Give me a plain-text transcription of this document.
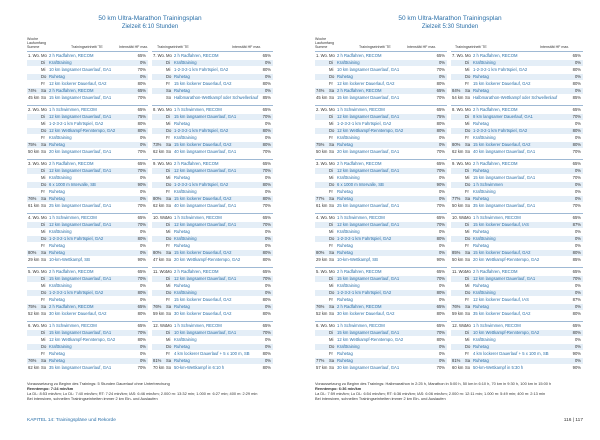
50 km Ultra-Marathon Trainingsplan
Zielzeit 6:10 Stunden
Woche
Laufumfang
Summe	Trainingseinheit/ TE	Intensität HF max. Trainingseinheit/ TE	Intensität HF max.
Voraussetzung zu Beginn des Trainings: 5 Stunden Dauerlauf ohne Unterbrechung
Renntempo: 7:24 min/km
La DL: 8:53 min/km; Lo DL: 7:40 min/km; RT: 7:24 min/km; IAS: 6:46 min/km; 2.000 m: 13:32 min; 1.000 m: 6:27 min; 400 m: 2:29 min
Bei intensiven, schnellen Trainingseinheiten immer 2 km Ein- und Auslaufen
KAPITEL 14: Trainingspläne und Rekorde
1. Wo. Mo 2 h Radfahren, RECOM	65%
Di Krafttraining	0%
Mi 10 km langsamer Dauerlauf, GA1	70%
Do Ruhetag	0%
Fr 12 km lockerer Dauerlauf, GA2	80%
74% Sa 2 h Radfahren, RECOM	65%
45 km So 15 km langsamer Dauerlauf, GA1	70%
7. Wo. Mo 2 h Radfahren, RECOM	65%
Di Krafttraining	0%
Mi 1-2-3-2-1 km Fahrtspiel, GA2	80%
Do Ruhetag	0%
Fr 15 km lockerer Dauerlauf, GA2	80%
Sa Ruhetag	0%
So Halbmarathon-Wettkampf oder Schwellenlauf 85%
2. Wo. Mo 1 h Schwimmen, RECOM	65%
Di 12 km langsamer Dauerlauf, GA1	75%
Mi 1-2-3-2-1 km Fahrtspiel, GA2	80%
Do 12 km Wettkampf-Renntempo, GA2	80%
Fr Krafttraining	0%
75% Sa Ruhetag	0%
50 km So 20 km langsamer Dauerlauf, GA1	70%
8. Wo. Mo 1 h Schwimmen, RECOM	65%
Di 15 km langsamer Dauerlauf, GA1	70%
Mi Ruhetag	0%
Do 1-2-3-2-1 km Fahrtspiel, GA2	80%
Fr Krafttraining	0%
73% Sa 15 km lockerer Dauerlauf, GA2	80%
62 km So 40 km langsamer Dauerlauf, GA1	70%
3. Wo. Mo 2 h Radfahren, RECOM	65%
Di 12 km langsamer Dauerlauf, GA1	70%
Mi Krafttraining	0%
Do 6 x 1000 m Intervalle, SB	90%
Fr Ruhetag	0%
76% Sa Ruhetag	0%
61 km So 25 km langsamer Dauerlauf, GA1	70%
9. Wo. Mo 2 h Radfahren, RECOM	65%
Di 12 km langsamer Dauerlauf, GA1	70%
Mi Ruhetag	0%
Do 1-2-3-2-1 km Fahrtspiel, GA2	80%
Fr Krafttraining	0%
80% Sa 15 km lockerer Dauerlauf, GA2	80%
62 km So 40 km langsamer Dauerlauf, GA1	70%
4. Wo. Mo 1 h Schwimmen, RECOM	65%
Di 12 km langsamer Dauerlauf, GA1	70%
Mi Krafttraining	0%
Do 1-2-3-2-1 km Fahrtspiel, GA2	80%
Fr Ruhetag	0%
80% Sa Ruhetag	0%
29 km So 10-km-Wettkampf, SB	90%
10. Wo.
Mo 1 h Schwimmen, RECOM	65%
Di 12 km langsamer Dauerlauf, GA1	70%
Mi Ruhetag	0%
Do Krafttraining	0%
Fr Ruhetag	0%
80% Sa 15 km lockerer Dauerlauf, GA2	80%
47 km So 20 km Wettkampf-Renntempo, GA2	80%
5. Wo. Mo 2 h Radfahren, RECOM	65%
Di 15 km langsamer Dauerlauf, GA1	70%
Mi Krafttraining	0%
Do 1-2-3-2-1 km Fahrtspiel, GA2	80%
Fr Ruhetag	0%
75% Sa 2 h Radfahren, RECOM	65%
52 km So 30 km lockerer Dauerlauf, GA2	80%
11. Wo.
Mo 2 h Radfahren, RECOM	65%
Di 12 km langsamer Dauerlauf, GA1	70%
Mi Ruhetag	0%
Do Krafttraining	0%
Fr 15 km lockerer Dauerlauf, GA2	80%
76% Sa Ruhetag	0%
59 km So 30 km lockerer Dauerlauf, GA2	80%
6. Wo. Mo 1 h Schwimmen, RECOM	65%
Di 15 km langsamer Dauerlauf, GA1	70%
Mi 12 km Wettkampf-Renntempo, GA2	80%
Do Krafttraining	0%
Fr Ruhetag	0%
76% Sa Ruhetag	0%
62 km So 35 km langsamer Dauerlauf, GA1	70%
12. Wo.
Mo 1 h Schwimmen, RECOM	65%
Di 10 km langsamer Dauerlauf, GA1	70%
Mi Krafttraining	0%
Do Ruhetag	0%
Fr 4 km lockerer Dauerlauf + 5 x 100 m, SB	80%
81% Sa Ruhetag	0%
70 km So 50-km-Wettkampf in 6:10 h	80%
50 km Ultra-Marathon Trainingsplan
Zielzeit 5:30 Stunden
Woche
Laufumfang
Summe	Trainingseinheit/ TE	Intensität HF max.	Trainingseinheit/ TE	Intensität HF max.
Voraussetzung zu Beginn des Trainings: Halbmarathon in 2:25 h, Marathon in 5:00 h, 50 km in 6:10 h, 70 km in 9:30 h, 100 km in 15:00 h
Renntempo: 6:36 min/km
La DL: 7:59 min/km; Lo DL: 6:54 min/km; RT: 6:36 min/km; IAS: 6:06 min/km; 2.000 m: 12:11 min; 1.000 m: 5:49 min; 400 m: 2:13 min
Bei intensiven, schnellen Trainingseinheiten immer 2 km Ein- und Auslaufen
116 | 117
1. Wo. Mo 2 h Radfahren, RECOM	65%
Di Krafttraining	0%
Mi 10 km langsamer Dauerlauf, GA1	70%
Do Ruhetag	0%
Fr 12 km lockerer Dauerlauf, GA2	80%
74% Sa 2 h Radfahren, RECOM	65%
45 km So 15 km langsamer Dauerlauf, GA1	70%
7. Wo. Mo 2 h Radfahren, RECOM	65%
Di Krafttraining	0%
Mi 1-2-3-2-1 km Fahrtspiel, GA2	80%
Do Ruhetag	0%
Fr 15 km lockerer Dauerlauf, GA2	80%
84% Sa Ruhetag	0%
54 km So Halbmarathon-Wettkampf oder Schwellenlauf	85%
2. Wo. Mo 1 h Schwimmen, RECOM	65%
Di 12 km langsamer Dauerlauf, GA1	75%
Mi 1-2-3-2-1 km Fahrtspiel, GA2	80%
Do 12 km Wettkampf-Renntempo, GA2	80%
Fr Krafttraining	0%
75% Sa Ruhetag	0%
50 km So 20 km langsamer Dauerlauf, GA1	70%
8. Wo. Mo 2 h Radfahren, RECOM	65%
Di 8 km langsamer Dauerlauf, GA1	70%
Mi Ruhetag	0%
Do 1-2-3-2-1 km Fahrtspiel, GA2	80%
Fr Krafttraining	0%
80% Sa 15 km lockerer Dauerlauf, GA2	80%
62 km So 40 km langsamer Dauerlauf, GA1	70%
3. Wo. Mo 2 h Radfahren, RECOM	65%
Di 12 km langsamer Dauerlauf, GA1	70%
Mi Krafttraining	0%
Do 6 x 1000 m Intervalle, SB	90%
Fr Ruhetag	0%
77% Sa Ruhetag	0%
61 km So 25 km langsamer Dauerlauf, GA1	70%
9. Wo. Mo 2 h Radfahren, RECOM	65%
Di Ruhetag	0%
Mi 15 km langsamer Dauerlauf, GA1	70%
Do 1 h Schwimmen	0%
Fr Krafttraining	0%
77% Sa Ruhetag	0%
50 km So 35 km langsamer Dauerlauf, GA1	70%
4. Wo. Mo 1 h Schwimmen, RECOM	65%
Di 12 km langsamer Dauerlauf, GA1	70%
Mi Krafttraining	0%
Do 1-2-3-2-1 km Fahrtspiel, GA2	80%
Fr Ruhetag	0%
80% Sa Ruhetag	0%
29 km So 10-km-Wettkampf, SB	90%
10. Wo.
Mo 1 h Schwimmen, RECOM	65%
Di 15 km lockerer Dauerlauf, IAS	87%
Mi Ruhetag	0%
Do Krafttraining	0%
Fr Ruhetag	0%
85% Sa 15 km lockerer Dauerlauf, GA2	80%
50 km So 20 km Wettkampf-Renntempo, GA2	85%
5. Wo. Mo 2 h Radfahren, RECOM	65%
Di 15 km langsamer Dauerlauf, GA1	70%
Mi Krafttraining	0%
Do 1-2-3-2-1 km Fahrtspiel, GA2	80%
Fr Ruhetag	0%
76% Sa 2 h Radfahren, RECOM	65%
52 km So 30 km lockerer Dauerlauf, GA2	80%
11. Wo.
Mo 2 h Radfahren, RECOM	65%
Di 12 km langsamer Dauerlauf, GA1	70%
Mi Ruhetag	0%
Do Krafttraining	0%
Fr 12 km lockerer Dauerlauf, IAS	87%
76% Sa Ruhetag	0%
59 km So 35 km lockerer Dauerlauf, GA2	80%
6. Wo. Mo 1 h Schwimmen, RECOM	65%
Di 15 km langsamer Dauerlauf, GA1	70%
Mi 12 km Wettkampf-Renntempo, GA2	80%
Do Krafttraining	0%
Fr Ruhetag	0%
77% Sa Ruhetag	0%
57 km So 30 km langsamer Dauerlauf, GA1	70%
12. Wo.
Mo 1 h Schwimmen, RECOM	65%
Di 10 km Wettkampf-Renntempo, GA2	80%
Mi Krafttraining	0%
Do Ruhetag	0%
Fr 4 km lockerer Dauerlauf + 5 x 100 m, SB	90%
81% Sa Ruhetag	0%
60 km So 50-km-Wettkampf in 5:30 h	90%
